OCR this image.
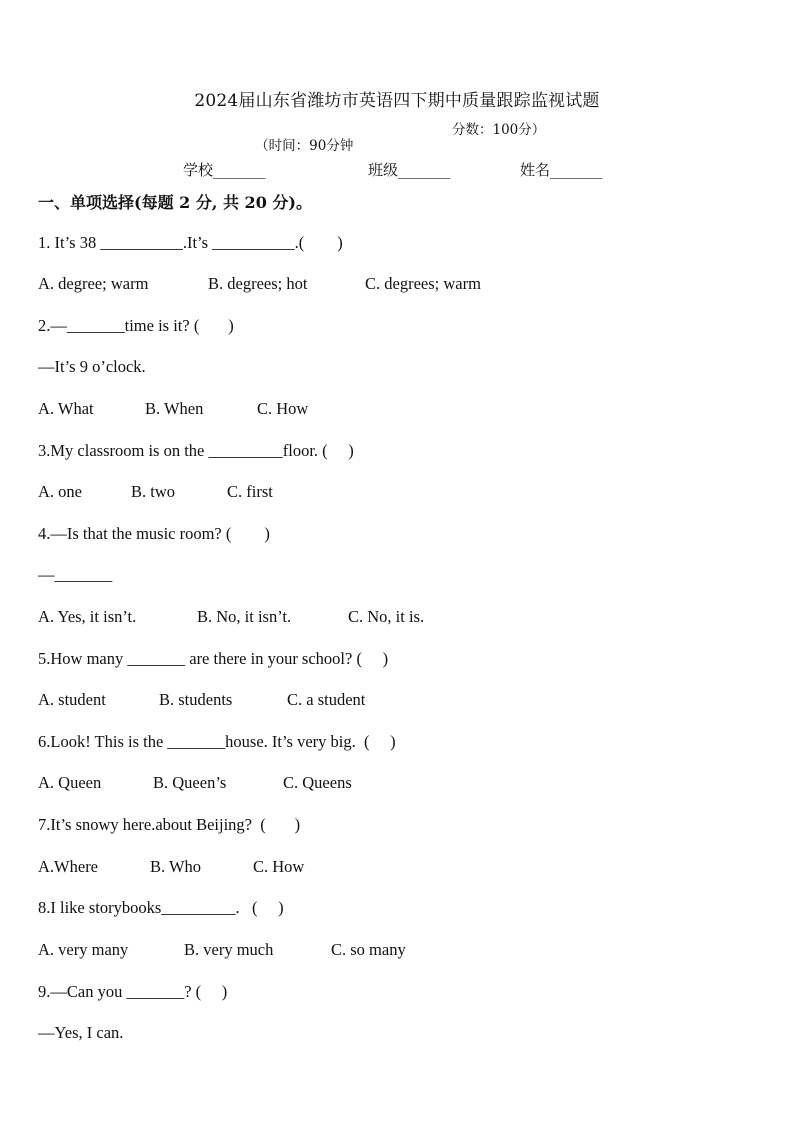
2024届山东省潍坊市英语四下期中质量跟踪监视试题

（时间：90分钟

分数：100分）

学校_______	班级_______	姓名_______
一、单项选择(每题 2 分, 共 20 分)。
1. It’s 38 __________.It’s __________.(        )
A. degree; warm	B. degrees; hot	C. degrees; warm
2.—_______time is it? (       )
—It’s 9 o’clock.
A. What	B. When	C. How
3.My classroom is on the _________floor. (     )
A. one	B. two	C. first
4.—Is that the music room? (        )
—_______
A. Yes, it isn’t.	B. No, it isn’t.	C. No, it is.
5.How many _______ are there in your school? (     )
A. student	B. students	C. a student
6.Look! This is the _______house. It’s very big.  (     )
A. Queen	B. Queen’s	C. Queens
7.It’s snowy here.about Beijing?  (       )
A.Where	B. Who	C. How
8.I like storybooks_________.   (     )
A. very many	B. very much	C. so many
9.—Can you _______? (     )
—Yes, I can.
